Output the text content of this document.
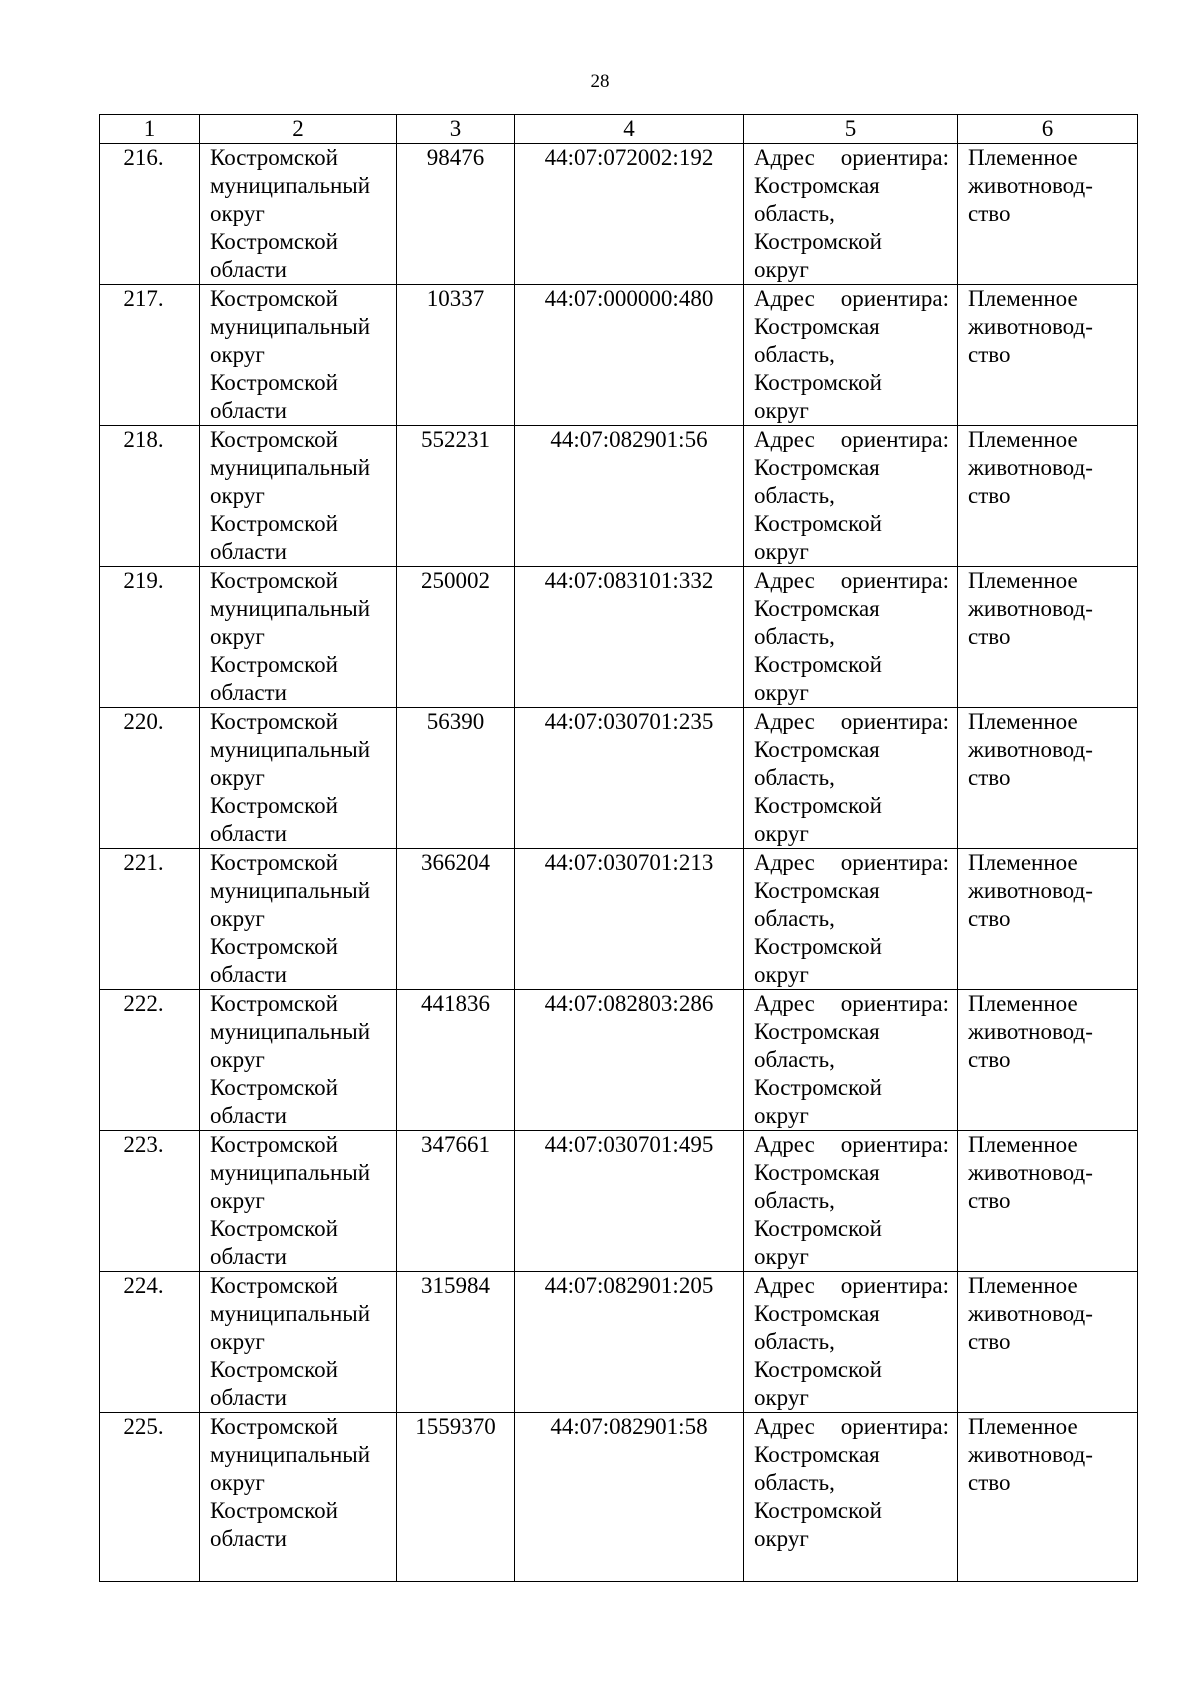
28
1	2	3	4	5	6
216.	Костромской
муниципальный
округ
Костромской
области	98476	44:07:072002:192	Адрес ориентира:
Костромская
область,
Костромской
округ	Племенное
животновод-
ство
217.	Костромской
муниципальный
округ
Костромской
области	10337	44:07:000000:480	Адрес ориентира:
Костромская
область,
Костромской
округ	Племенное
животновод-
ство
218.	Костромской
муниципальный
округ
Костромской
области	552231	44:07:082901:56	Адрес ориентира:
Костромская
область,
Костромской
округ	Племенное
животновод-
ство
219.	Костромской
муниципальный
округ
Костромской
области	250002	44:07:083101:332	Адрес ориентира:
Костромская
область,
Костромской
округ	Племенное
животновод-
ство
220.	Костромской
муниципальный
округ
Костромской
области	56390	44:07:030701:235	Адрес ориентира:
Костромская
область,
Костромской
округ	Племенное
животновод-
ство
221.	Костромской
муниципальный
округ
Костромской
области	366204	44:07:030701:213	Адрес ориентира:
Костромская
область,
Костромской
округ	Племенное
животновод-
ство
222.	Костромской
муниципальный
округ
Костромской
области	441836	44:07:082803:286	Адрес ориентира:
Костромская
область,
Костромской
округ	Племенное
животновод-
ство
223.	Костромской
муниципальный
округ
Костромской
области	347661	44:07:030701:495	Адрес ориентира:
Костромская
область,
Костромской
округ	Племенное
животновод-
ство
224.	Костромской
муниципальный
округ
Костромской
области	315984	44:07:082901:205	Адрес ориентира:
Костромская
область,
Костромской
округ	Племенное
животновод-
ство
225.	Костромской
муниципальный
округ
Костромской
области	1559370	44:07:082901:58	Адрес ориентира:
Костромская
область,
Костромской
округ	Племенное
животновод-
ство
